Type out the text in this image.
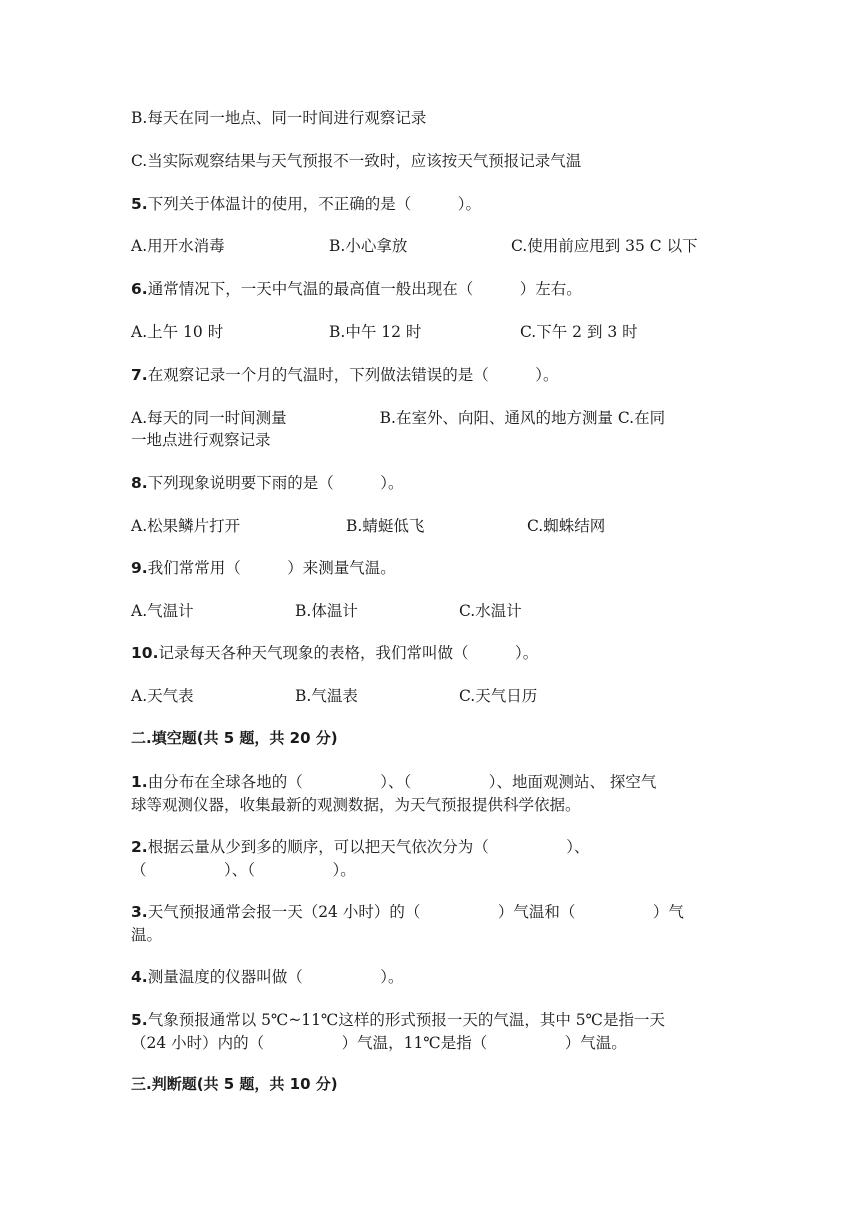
B.每天在同一地点、同一时间进行观察记录
C.当实际观察结果与天气预报不一致时，应该按天气预报记录气温
5.下列关于体温计的使用，不正确的是（　　　）。
A.用开水消毒	B.小心拿放	C.使用前应甩到 35 C 以下
6.通常情况下，一天中气温的最高值一般出现在（　　　）左右。
A.上午 10 时	B.中午 12 时	C.下午 2 到 3 时
7.在观察记录一个月的气温时，下列做法错误的是（　　　）。
A.每天的同一时间测量　　　　　　B.在室外、向阳、通风的地方测量 C.在同
一地点进行观察记录
8.下列现象说明要下雨的是（　　　）。
A.松果鳞片打开	B.蜻蜓低飞	C.蜘蛛结网
9.我们常常用（　　　）来测量气温。
A.气温计	B.体温计	C.水温计
10.记录每天各种天气现象的表格，我们常叫做（　　　）。
A.天气表	B.气温表	C.天气日历
二.填空题(共 5 题，共 20 分)
1.由分布在全球各地的（　　　　　）、（　　　　　）、地面观测站、 探空气
球等观测仪器，收集最新的观测数据，为天气预报提供科学依据。
2.根据云量从少到多的顺序，可以把天气依次分为（　　　　　）、
（　　　　　）、（　　　　　）。
3.天气预报通常会报一天（24 小时）的（　　　　　）气温和（　　　　　）气
温。
4.测量温度的仪器叫做（　　　　　）。
5.气象预报通常以 5℃~11℃这样的形式预报一天的气温，其中 5℃是指一天
（24 小时）内的（　　　　　）气温，11℃是指（　　　　　）气温。
三.判断题(共 5 题，共 10 分)
